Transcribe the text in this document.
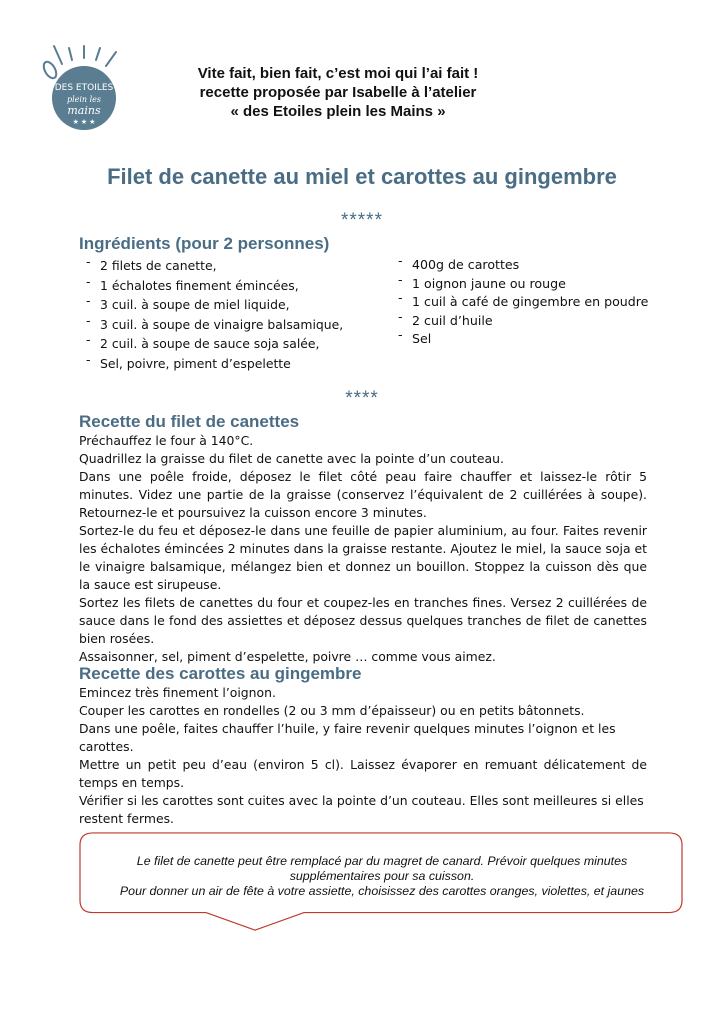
DES ETOILES
plein les
mains
★ ★ ★
Vite fait, bien fait, c’est moi qui l’ai fait !
recette proposée par Isabelle à l’atelier
« des Etoiles plein les Mains »
Filet de canette au miel et carottes au gingembre
*****
Ingrédients (pour 2 personnes)
- 2 filets de canette,
- 1 échalotes finement émincées,
- 3 cuil. à soupe de miel liquide,
- 3 cuil. à soupe de vinaigre balsamique,
- 2 cuil. à soupe de sauce soja salée,
- Sel, poivre, piment d’espelette
- 400g de carottes
- 1 oignon jaune ou rouge
- 1 cuil à café de gingembre en poudre
- 2 cuil d’huile
- Sel
****
Recette du filet de canettes

Préchauffez le four à 140°C.

Quadrillez la graisse du filet de canette avec la pointe d’un couteau.

Dans une poêle froide, déposez le filet côté peau faire chauffer et laissez-le rôtir 5 minutes. Videz une partie de la graisse (conservez l’équivalent de 2 cuillérées à soupe). Retournez-le et poursuivez la cuisson encore 3 minutes.

Sortez-le du feu et déposez-le dans une feuille de papier aluminium, au four. Faites revenir les échalotes émincées 2 minutes dans la graisse restante. Ajoutez le miel, la sauce soja et le vinaigre balsamique, mélangez bien et donnez un bouillon. Stoppez la cuisson dès que la sauce est sirupeuse.

Sortez les filets de canettes du four et coupez-les en tranches fines. Versez 2 cuillérées de sauce dans le fond des assiettes et déposez dessus quelques tranches de filet de canettes bien rosées.

Assaisonner, sel, piment d’espelette, poivre … comme vous aimez.

Recette des carottes au gingembre

Emincez très finement l’oignon.

Couper les carottes en rondelles (2 ou 3 mm d’épaisseur) ou en petits bâtonnets.

Dans une poêle, faites chauffer l’huile, y faire revenir quelques minutes l’oignon et les carottes.

Mettre un petit peu d’eau (environ 5 cl). Laissez évaporer en remuant délicatement de temps en temps.

Vérifier si les carottes sont cuites avec la pointe d’un couteau. Elles sont meilleures si elles restent fermes.

Le filet de canette peut être remplacé par du magret de canard. Prévoir quelques minutes

supplémentaires pour sa cuisson.

Pour donner un air de fête à votre assiette, choisissez des carottes oranges, violettes, et jaunes
